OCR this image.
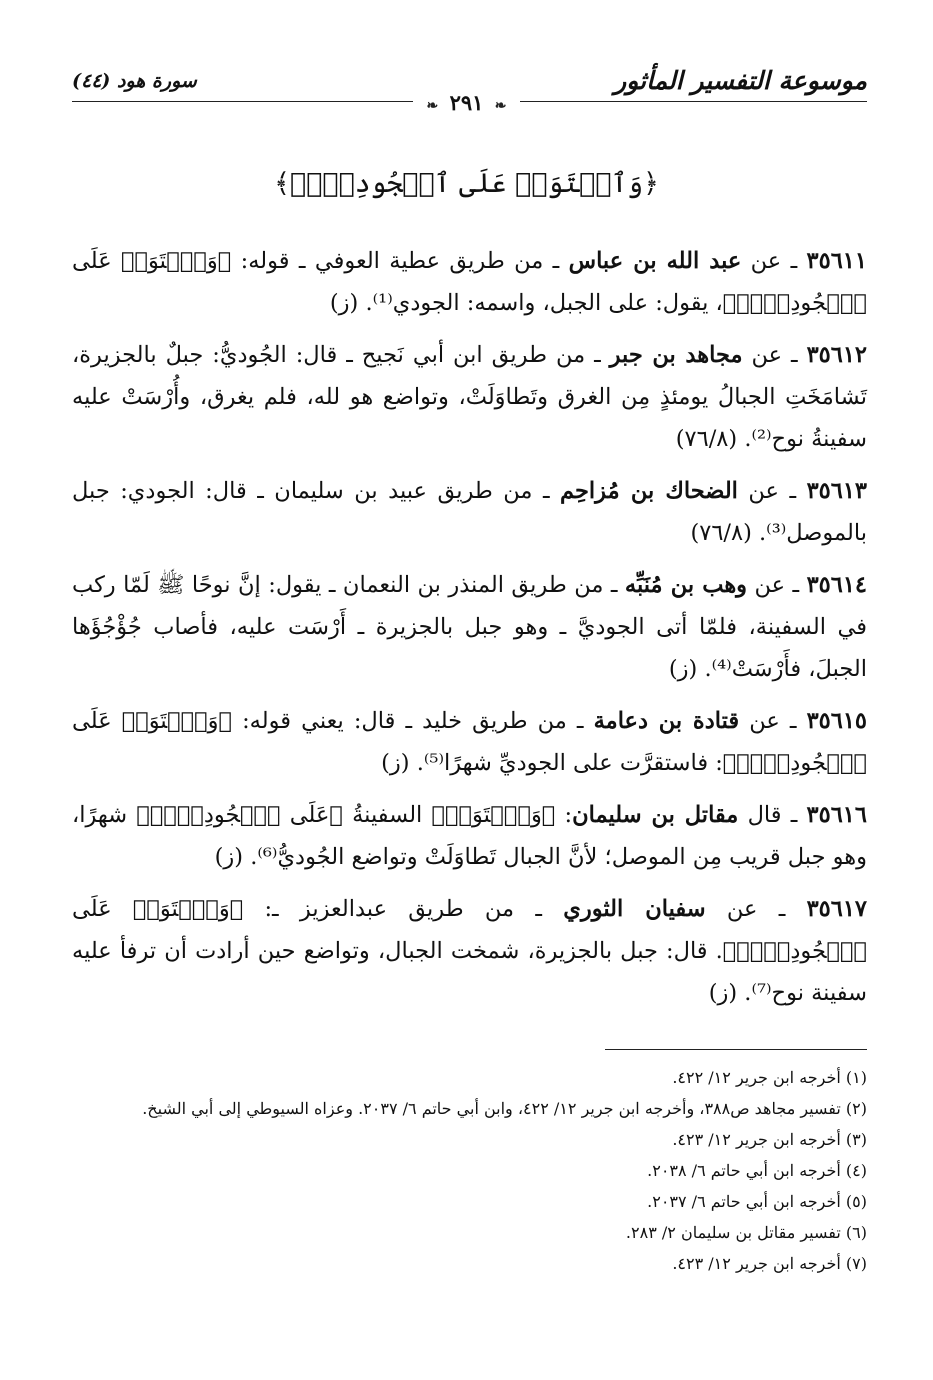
موسوعة التفسير المأثور
سورة هود (٤٤)
❧ ٢٩١ ❧
﴿وَٱسۡتَوَتۡ عَلَى ٱلۡجُودِيِّۖ﴾

٣٥٦١١ ـ عن عبد الله بن عباس ـ من طريق عطية العوفي ـ قوله: ﴿وَٱسۡتَوَتۡ عَلَى ٱلۡجُودِيِّۖ﴾، يقول: على الجبل، واسمه: الجودي⁽¹⁾. (ز)

٣٥٦١٢ ـ عن مجاهد بن جبر ـ من طريق ابن أبي نَجيح ـ قال: الجُوديُّ: جبلٌ بالجزيرة، تَشامَخَتِ الجبالُ يومئذٍ مِن الغرق وتَطاوَلَتْ، وتواضع هو لله، فلم يغرق، وأُرْسَتْ عليه سفينةُ نوح⁽²⁾. (٧٦/٨)

٣٥٦١٣ ـ عن الضحاك بن مُزاحِم ـ من طريق عبيد بن سليمان ـ قال: الجودي: جبل بالموصل⁽³⁾. (٧٦/٨)

٣٥٦١٤ ـ عن وهب بن مُنَبِّه ـ من طريق المنذر بن النعمان ـ يقول: إنَّ نوحًا ﷺ لَمّا ركب في السفينة، فلمّا أتى الجوديَّ ـ وهو جبل بالجزيرة ـ أَرْسَت عليه، فأصاب جُؤْجُؤَها الجبلَ، فأَرْسَتْ⁽⁴⁾. (ز)

٣٥٦١٥ ـ عن قتادة بن دعامة ـ من طريق خليد ـ قال: يعني قوله: ﴿وَٱسۡتَوَتۡ عَلَى ٱلۡجُودِيِّۖ﴾: فاستقرَّت على الجوديِّ شهرًا⁽⁵⁾. (ز)

٣٥٦١٦ ـ قال مقاتل بن سليمان: ﴿وَٱسۡتَوَتۡ﴾ السفينةُ ﴿عَلَى ٱلۡجُودِيِّۖ﴾ شهرًا، وهو جبل قريب مِن الموصل؛ لأنَّ الجبال تَطاوَلَتْ وتواضع الجُوديُّ⁽⁶⁾. (ز)

٣٥٦١٧ ـ عن سفيان الثوري ـ من طريق عبدالعزيز ـ: ﴿وَٱسۡتَوَتۡ عَلَى ٱلۡجُودِيِّۖ﴾. قال: جبل بالجزيرة، شمخت الجبال، وتواضع حين أرادت أن ترفأ عليه سفينة نوح⁽⁷⁾. (ز)

(١) أخرجه ابن جرير ١٢/ ٤٢٢.
(٢) تفسير مجاهد ص٣٨٨، وأخرجه ابن جرير ١٢/ ٤٢٢، وابن أبي حاتم ٦/ ٢٠٣٧. وعزاه السيوطي إلى أبي الشيخ.
(٣) أخرجه ابن جرير ١٢/ ٤٢٣.
(٤) أخرجه ابن أبي حاتم ٦/ ٢٠٣٨.
(٥) أخرجه ابن أبي حاتم ٦/ ٢٠٣٧.
(٦) تفسير مقاتل بن سليمان ٢/ ٢٨٣.
(٧) أخرجه ابن جرير ١٢/ ٤٢٣.
